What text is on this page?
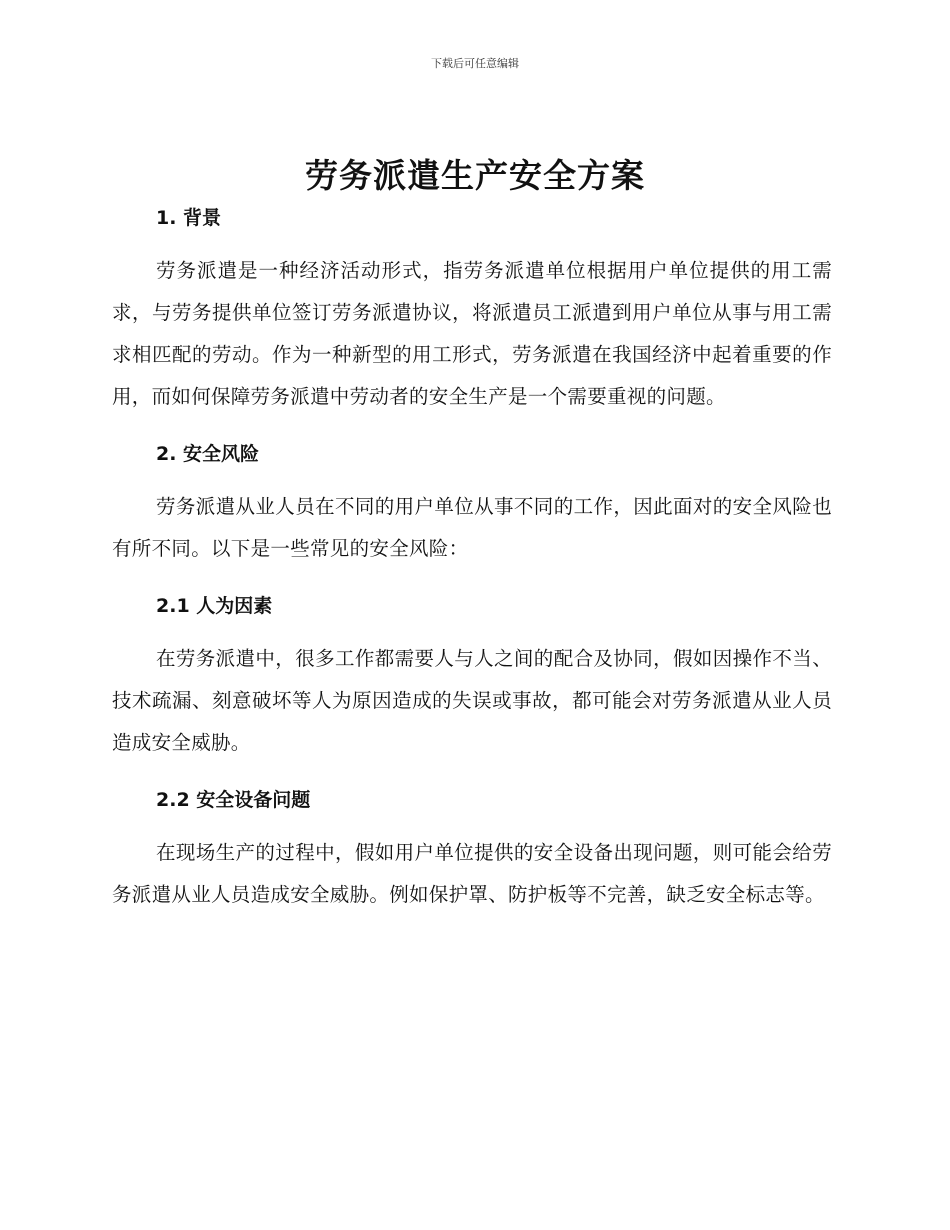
下载后可任意编辑
劳务派遣生产安全方案
1. 背景

劳务派遣是一种经济活动形式，指劳务派遣单位根据用户单位提供的用工需求，与劳务提供单位签订劳务派遣协议，将派遣员工派遣到用户单位从事与用工需求相匹配的劳动。作为一种新型的用工形式，劳务派遣在我国经济中起着重要的作用，而如何保障劳务派遣中劳动者的安全生产是一个需要重视的问题。

2. 安全风险

劳务派遣从业人员在不同的用户单位从事不同的工作，因此面对的安全风险也有所不同。以下是一些常见的安全风险：

2.1 人为因素

在劳务派遣中，很多工作都需要人与人之间的配合及协同，假如因操作不当、技术疏漏、刻意破坏等人为原因造成的失误或事故，都可能会对劳务派遣从业人员造成安全威胁。

2.2 安全设备问题

在现场生产的过程中，假如用户单位提供的安全设备出现问题，则可能会给劳务派遣从业人员造成安全威胁。例如保护罩、防护板等不完善，缺乏安全标志等。
